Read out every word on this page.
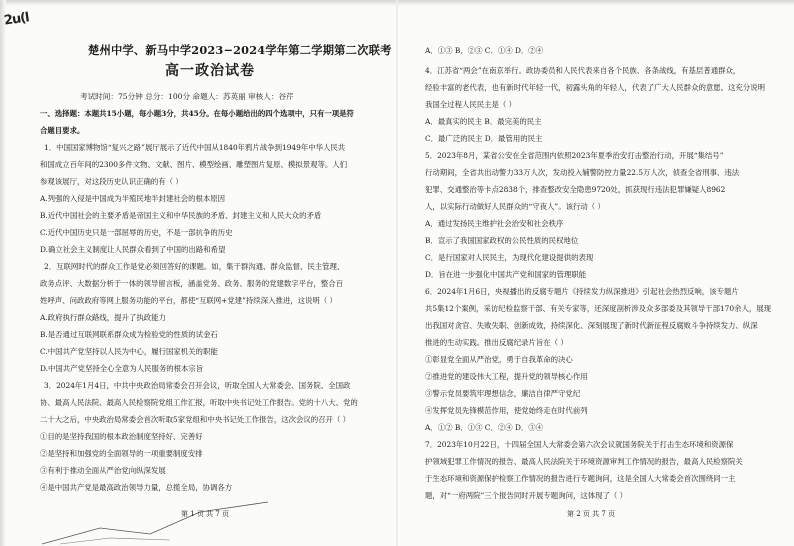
2u(l
楚州中学、新马中学2023−2024学年第二学期第二次联考
高一政治试卷
考试时间：75分钟 总分：100分 命题人：苏英丽 审核人：谷芹
一、选择题：本题共15小题，每小题3分，共45分。在每小题给出的四个选项中，只有一项是符
合题目要求。
1．中国国家博物馆“复兴之路”展厅展示了近代中国从1840年鸦片战争到1949年中华人民共
和国成立百年间的2300多件文物、文献、图片、模型绘画、雕塑图片复原、模拟景观等。人们
参观该展厅，对这段历史认识正确的有（ ）
A.列强的入侵是中国成为半殖民地半封建社会的根本原因
B.近代中国社会的主要矛盾是帝国主义和中华民族的矛盾、封建主义和人民大众的矛盾
C.近代中国历史只是一部屈辱的历史，不是一部抗争的历史
D.确立社会主义制度让人民群众看到了中国的出路和希望
2．互联网时代的群众工作是党必须回答好的课题。如，集干群沟通、群众监督、民主管理、
政务点评、大数据分析于一体的领导留言板，涵盖党务、政务、服务的党建数字平台，整合百
姓呼声、问政政府等网上服务功能的平台，都使“互联网+党建”持续深入推进，这说明（ ）
A.政府执行群众路线，提升了执政能力
B.是否通过互联网联系群众成为检验党的性质的试金石
C.中国共产党坚持以人民为中心，履行国家机关的职能
D.中国共产党坚持全心全意为人民服务的根本宗旨
3．2024年1月4日，中共中央政治局常委会召开会议，听取全国人大常委会、国务院、全国政
协、最高人民法院、最高人民检察院党组工作汇报，听取中央书记处工作报告。党的十八大、党的
二十大之后，中央政治局常委会首次听取5家党组和中央书记处工作报告，这次会议的召开（ ）
①目的是坚持我国的根本政治制度坚持好、完善好
②是坚持和加强党的全面领导的一项重要制度安排
③有利于推动全面从严治党向纵深发展
④是中国共产党是最高政治领导力量，总揽全局，协调各方
第 1 页 共 7 页
A．①③ B．②③ C．①④ D．②④
4．江苏省“两会”在南京举行。政协委员和人民代表来自各个民族、各条战线，有基层普通群众，
经验丰富的老代表，也有新时代年轻一代，初露头角的年轻人，代表了广大人民群众的意愿。这充分说明
我国全过程人民民主是（ ）
A．最真实的民主 B．最完美的民主
C．最广泛的民主 D．最管用的民主
5．2023年8月，某省公安在全省范围内依照2023年夏季治安打击整治行动，开展“集结号”
行动期间，全省共出动警力33万人次，发动投入辅警防控力量22.5万人次，侦查全省刑事、违法
犯罪、交通整治等卡点2838个，排查整改安全隐患9720处，抓获现行违法犯罪嫌疑人8962
人，以实际行动做好人民群众的“守夜人”。该行动（ ）
A．通过发扬民主维护社会治安和社会秩序
B．宣示了我国国家政权的公民性质的民权地位
C．是行国家对人民民主，为现代化建设提供的表现
D．旨在进一步强化中国共产党和国家的管理职能
6．2024年1月6日，央视播出的反腐专题片《持续发力纵深推进》引起社会热烈反响，该专题片
共5集12个案例，采访纪检监察干部、有关专家等，还深度剖析涉及众多部委及其领导干部170余人，展现
出我国对贪官、失败失职、创新成效，持续深化、深刻展现了新时代新征程反腐败斗争持续发力、纵深
推进的生动实践。推出反腐纪录片旨在（ ）
①彰显党全面从严治党，勇于自我革命的决心
②推进党的建设伟大工程，提升党的领导核心作用
③警示党员要筑牢理想信念，廉洁自律严守党纪
④发挥党员先锋模范作用，使党始终走在时代前列
A．①② B．①③ C．②④ D．③④
7．2023年10月22日，十四届全国人大常委会第六次会议就国务院关于打击生态环境和资源保
护领域犯罪工作情况的报告、最高人民法院关于环境资源审判工作情况的报告，最高人民检察院关
于生态环境和资源保护检察工作情况的报告进行专题询问，这是全国人大常委会首次围绕同一主
题，对“一府两院”三个报告同时开展专题询问，这体现了（ ）
第 2 页 共 7 页
